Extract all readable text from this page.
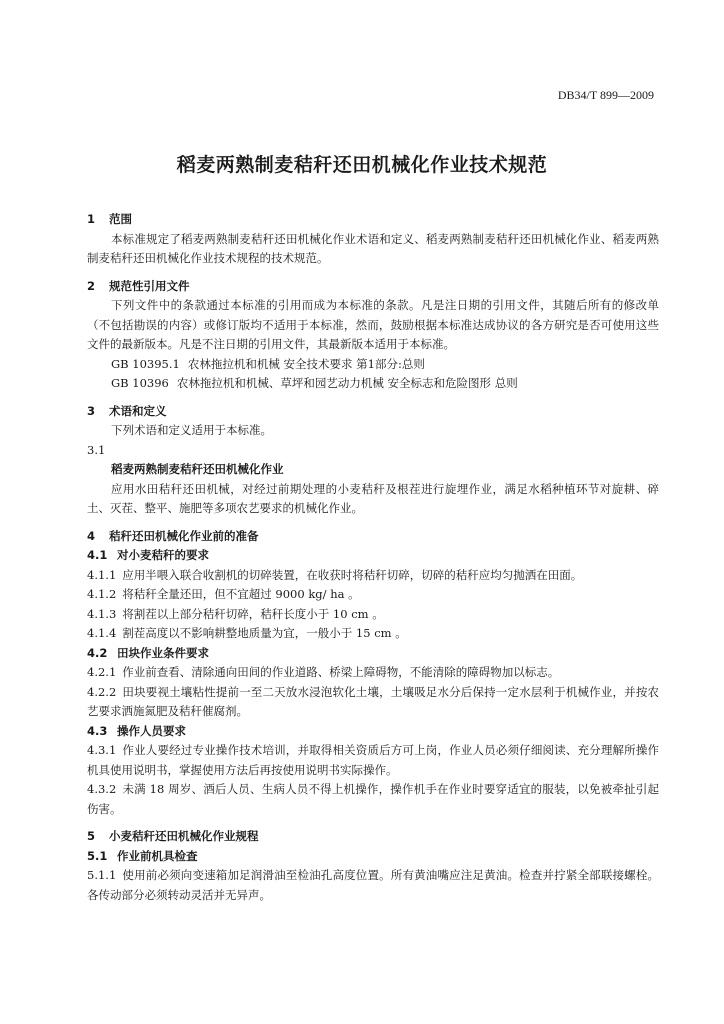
DB34/T 899—2009
稻麦两熟制麦秸秆还田机械化作业技术规范
1 范围
本标准规定了稻麦两熟制麦秸秆还田机械化作业术语和定义、稻麦两熟制麦秸秆还田机械化作业、稻麦两熟制麦秸秆还田机械化作业技术规程的技术规范。
2 规范性引用文件
下列文件中的条款通过本标准的引用而成为本标准的条款。凡是注日期的引用文件，其随后所有的修改单（不包括勘误的内容）或修订版均不适用于本标准，然而，鼓励根据本标准达成协议的各方研究是否可使用这些文件的最新版本。凡是不注日期的引用文件，其最新版本适用于本标准。
GB 10395.1 农林拖拉机和机械 安全技术要求 第1部分:总则
GB 10396 农林拖拉机和机械、草坪和园艺动力机械 安全标志和危险图形 总则
3 术语和定义
下列术语和定义适用于本标准。
3.1
稻麦两熟制麦秸秆还田机械化作业
应用水田秸秆还田机械，对经过前期处理的小麦秸秆及根茬进行旋埋作业，满足水稻种植环节对旋耕、碎土、灭茬、整平、施肥等多项农艺要求的机械化作业。
4 秸秆还田机械化作业前的准备
4.1 对小麦秸秆的要求
4.1.1 应用半喂入联合收割机的切碎装置，在收获时将秸秆切碎，切碎的秸秆应均匀抛洒在田面。
4.1.2 将秸秆全量还田，但不宜超过 9000 kg/ ha 。
4.1.3 将割茬以上部分秸秆切碎，秸秆长度小于 10 cm 。
4.1.4 割茬高度以不影响耕整地质量为宜，一般小于 15 cm 。
4.2 田块作业条件要求
4.2.1 作业前查看、清除通向田间的作业道路、桥梁上障碍物，不能清除的障碍物加以标志。
4.2.2 田块要视土壤粘性提前一至二天放水浸泡软化土壤，土壤吸足水分后保持一定水层利于机械作业，并按农艺要求洒施氮肥及秸秆催腐剂。
4.3 操作人员要求
4.3.1 作业人要经过专业操作技术培训，并取得相关资质后方可上岗，作业人员必须仔细阅读、充分理解所操作机具使用说明书，掌握使用方法后再按使用说明书实际操作。
4.3.2 未满 18 周岁、酒后人员、生病人员不得上机操作，操作机手在作业时要穿适宜的服装，以免被牵扯引起伤害。
5 小麦秸秆还田机械化作业规程
5.1 作业前机具检查
5.1.1 使用前必须向变速箱加足润滑油至检油孔高度位置。所有黄油嘴应注足黄油。检查并拧紧全部联接螺栓。各传动部分必须转动灵活并无异声。
